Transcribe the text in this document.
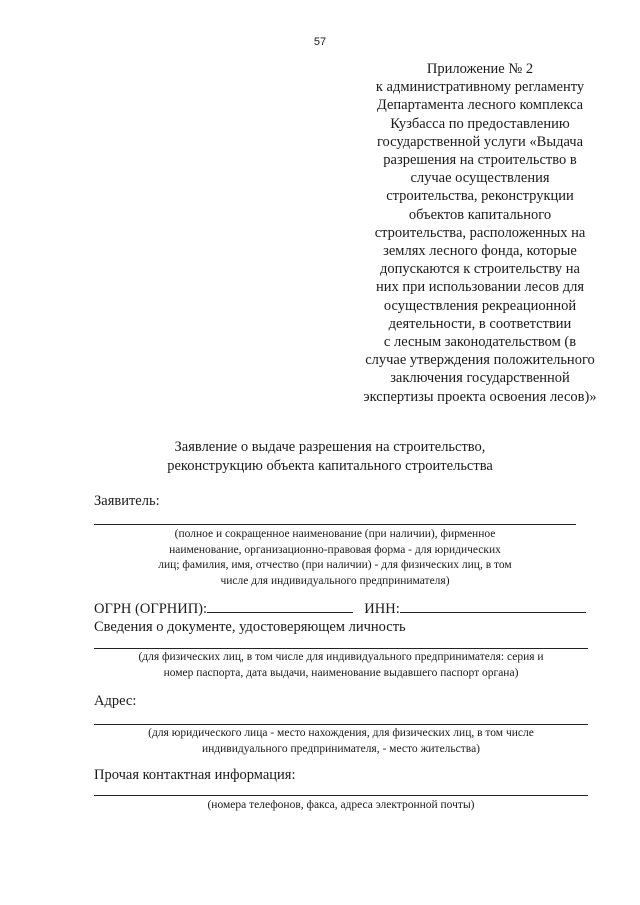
57
Приложение № 2
к административному регламенту
Департамента лесного комплекса
Кузбасса по предоставлению
государственной услуги «Выдача
разрешения на строительство в
случае осуществления
строительства, реконструкции
объектов капитального
строительства, расположенных на
землях лесного фонда, которые
допускаются к строительству на
них при использовании лесов для
осуществления рекреационной
деятельности, в соответствии
с лесным законодательством (в
случае утверждения положительного
заключения государственной
экспертизы проекта освоения лесов)»
Заявление о выдаче разрешения на строительство,
реконструкцию объекта капитального строительства
Заявитель:
(полное и сокращенное наименование (при наличии), фирменное
наименование, организационно-правовая форма - для юридических
лиц; фамилия, имя, отчество (при наличии) - для физических лиц, в том
числе для индивидуального предпринимателя)
ОГРН (ОГРНИП):	ИНН:
Сведения о документе, удостоверяющем личность
(для физических лиц, в том числе для индивидуального предпринимателя: серия и
номер паспорта, дата выдачи, наименование выдавшего паспорт органа)
Адрес:
(для юридического лица - место нахождения, для физических лиц, в том числе
индивидуального предпринимателя, - место жительства)
Прочая контактная информация:
(номера телефонов, факса, адреса электронной почты)
